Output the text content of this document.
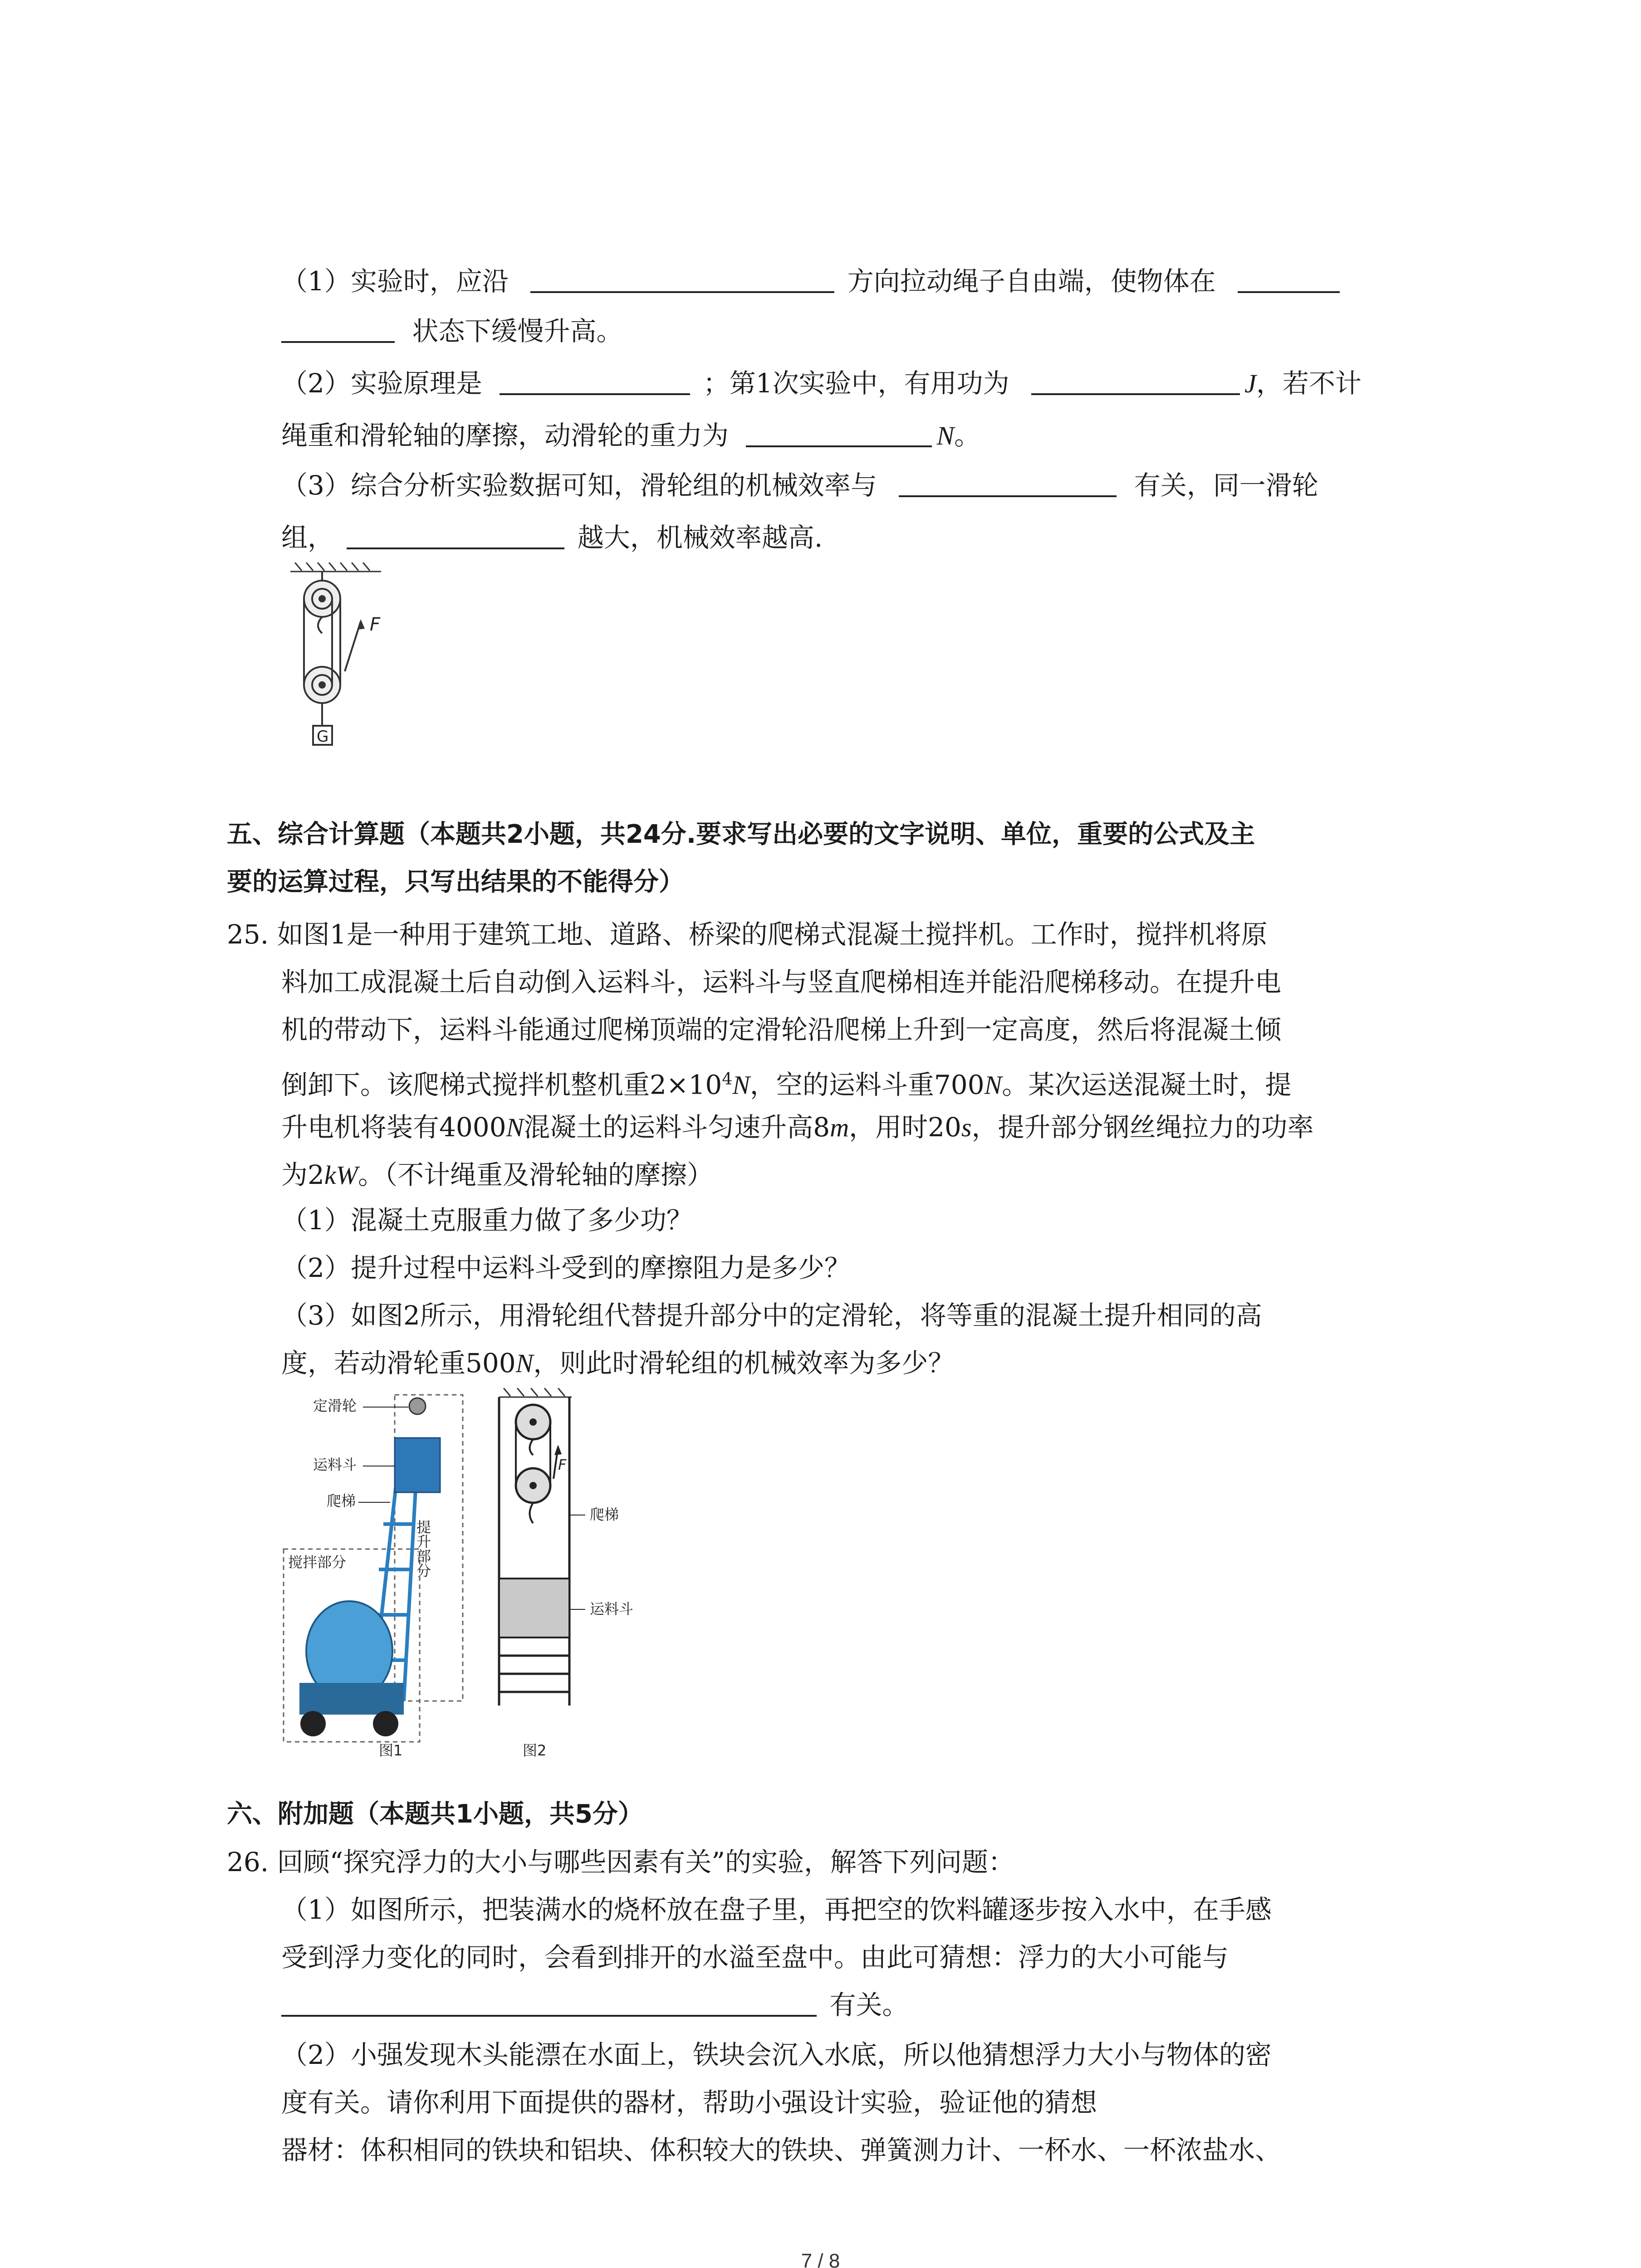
（1）实验时，应沿	方向拉动绳子自由端，使物体在
状态下缓慢升高。
（2）实验原理是	；第1次实验中，有用功为	J，若不计
绳重和滑轮轴的摩擦，动滑轮的重力为	N。
（3）综合分析实验数据可知，滑轮组的机械效率与	有关，同一滑轮
组，	越大，机械效率越高.
F
G
五、综合计算题（本题共2小题，共24分.要求写出必要的文字说明、单位，重要的公式及主
要的运算过程，只写出结果的不能得分）
25. 如图1是一种用于建筑工地、道路、桥梁的爬梯式混凝土搅拌机。工作时，搅拌机将原
料加工成混凝土后自动倒入运料斗，运料斗与竖直爬梯相连并能沿爬梯移动。在提升电
机的带动下，运料斗能通过爬梯顶端的定滑轮沿爬梯上升到一定高度，然后将混凝土倾
倒卸下。该爬梯式搅拌机整机重$2\times 10^4N$，空的运料斗重700N。某次运送混凝土时，提
升电机将装有4000N混凝土的运料斗匀速升高8m，用时20s，提升部分钢丝绳拉力的功率
为2kW。（不计绳重及滑轮轴的摩擦）
（1）混凝土克服重力做了多少功？
（2）提升过程中运料斗受到的摩擦阻力是多少？
（3）如图2所示，用滑轮组代替提升部分中的定滑轮，将等重的混凝土提升相同的高
度，若动滑轮重500N，则此时滑轮组的机械效率为多少？
定滑轮
运料斗
爬梯
搅拌部分
图1
提升部分
F
爬梯
运料斗
图2
六、附加题（本题共1小题，共5分）
26. 回顾“探究浮力的大小与哪些因素有关”的实验，解答下列问题：
（1）如图所示，把装满水的烧杯放在盘子里，再把空的饮料罐逐步按入水中，在手感
受到浮力变化的同时，会看到排开的水溢至盘中。由此可猜想：浮力的大小可能与
有关。
（2）小强发现木头能漂在水面上，铁块会沉入水底，所以他猜想浮力大小与物体的密
度有关。请你利用下面提供的器材，帮助小强设计实验，验证他的猜想
器材：体积相同的铁块和铝块、体积较大的铁块、弹簧测力计、一杯水、一杯浓盐水、
7 / 8
